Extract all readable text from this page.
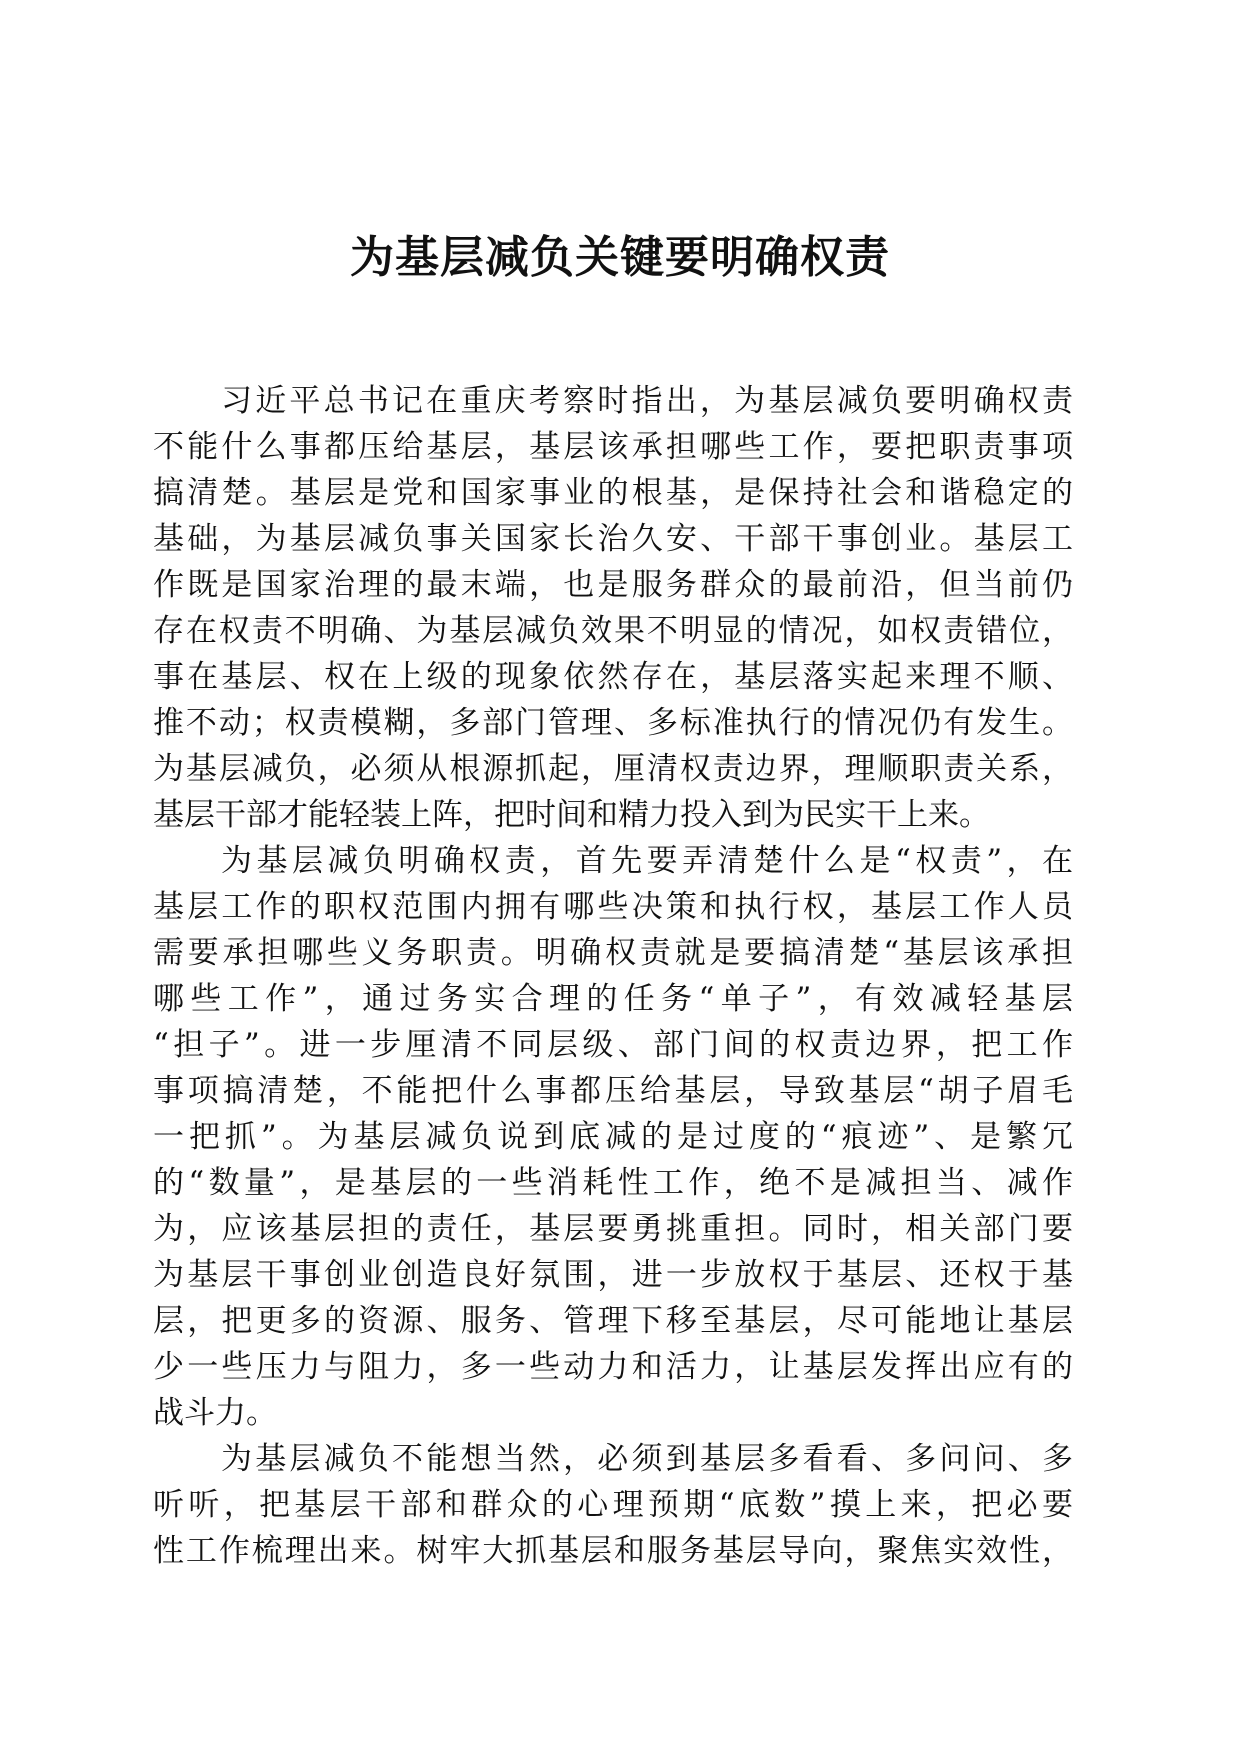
为基层减负关键要明确权责
习近平总书记在重庆考察时指出，为基层减负要明确权责
不能什么事都压给基层，基层该承担哪些工作，要把职责事项
搞清楚。基层是党和国家事业的根基，是保持社会和谐稳定的
基础，为基层减负事关国家长治久安、干部干事创业。基层工
作既是国家治理的最末端，也是服务群众的最前沿，但当前仍
存在权责不明确、为基层减负效果不明显的情况，如权责错位，
事在基层、权在上级的现象依然存在，基层落实起来理不顺、
推不动；权责模糊，多部门管理、多标准执行的情况仍有发生。
为基层减负，必须从根源抓起，厘清权责边界，理顺职责关系，
基层干部才能轻装上阵，把时间和精力投入到为民实干上来。
为基层减负明确权责，首先要弄清楚什么是“权责”，在
基层工作的职权范围内拥有哪些决策和执行权，基层工作人员
需要承担哪些义务职责。明确权责就是要搞清楚“基层该承担
哪些工作”，通过务实合理的任务“单子”，有效减轻基层
“担子”。进一步厘清不同层级、部门间的权责边界，把工作
事项搞清楚，不能把什么事都压给基层，导致基层“胡子眉毛
一把抓”。为基层减负说到底减的是过度的“痕迹”、是繁冗
的“数量”，是基层的一些消耗性工作，绝不是减担当、减作
为，应该基层担的责任，基层要勇挑重担。同时，相关部门要
为基层干事创业创造良好氛围，进一步放权于基层、还权于基
层，把更多的资源、服务、管理下移至基层，尽可能地让基层
少一些压力与阻力，多一些动力和活力，让基层发挥出应有的
战斗力。
为基层减负不能想当然，必须到基层多看看、多问问、多
听听，把基层干部和群众的心理预期“底数”摸上来，把必要
性工作梳理出来。树牢大抓基层和服务基层导向，聚焦实效性，
